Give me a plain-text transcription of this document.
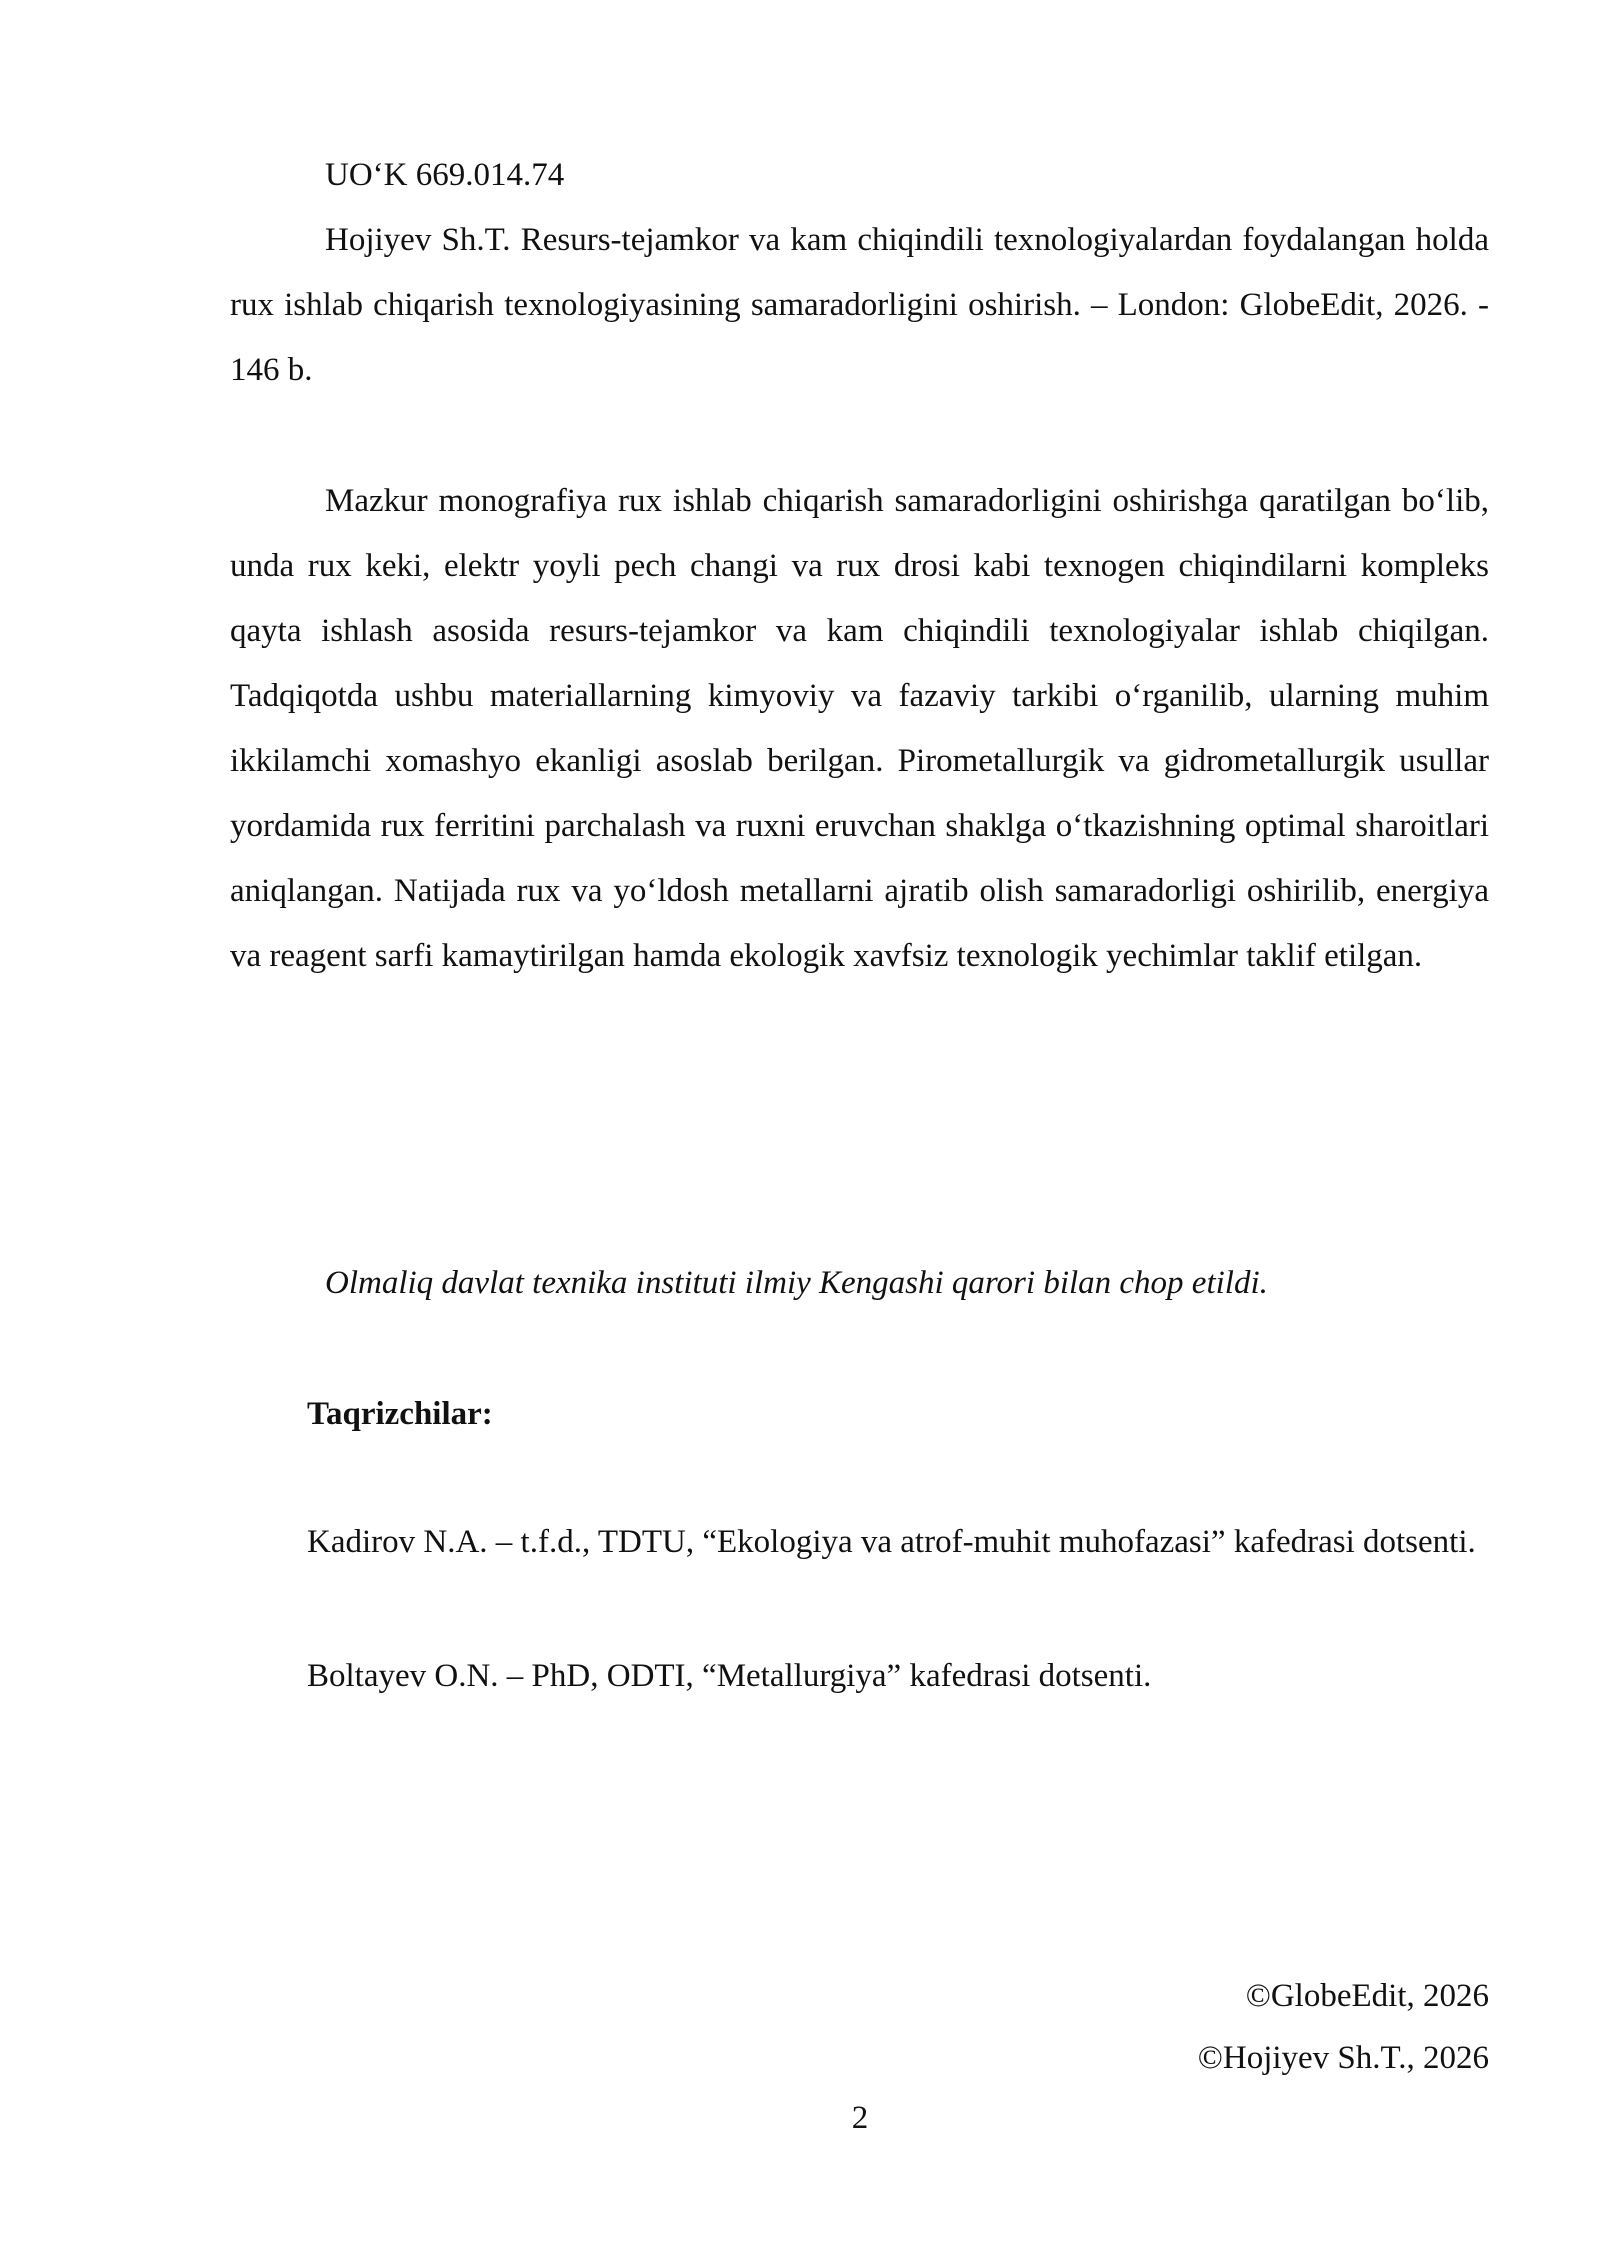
UO‘K 669.014.74

Hojiyev Sh.T. Resurs-tejamkor va kam chiqindili texnologiyalardan foydalangan holda rux ishlab chiqarish texnologiyasining samaradorligini oshirish. – London: GlobeEdit, 2026. - 146 b.

Mazkur monografiya rux ishlab chiqarish samaradorligini oshirishga qaratilgan bo‘lib, unda rux keki, elektr yoyli pech changi va rux drosi kabi texnogen chiqindilarni kompleks qayta ishlash asosida resurs-tejamkor va kam chiqindili texnologiyalar ishlab chiqilgan. Tadqiqotda ushbu materiallarning kimyoviy va fazaviy tarkibi o‘rganilib, ularning muhim ikkilamchi xomashyo ekanligi asoslab berilgan. Pirometallurgik va gidrometallurgik usullar yordamida rux ferritini parchalash va ruxni eruvchan shaklga o‘tkazishning optimal sharoitlari aniqlangan. Natijada rux va yo‘ldosh metallarni ajratib olish samaradorligi oshirilib, energiya va reagent sarfi kamaytirilgan hamda ekologik xavfsiz texnologik yechimlar taklif etilgan.

Olmaliq davlat texnika instituti ilmiy Kengashi qarori bilan chop etildi.

Taqrizchilar:

Kadirov N.A. – t.f.d., TDTU, “Ekologiya va atrof-muhit muhofazasi” kafedrasi dotsenti.

Boltayev O.N. – PhD, ODTI, “Metallurgiya” kafedrasi dotsenti.

©GlobeEdit, 2026

©Hojiyev Sh.T., 2026

2
